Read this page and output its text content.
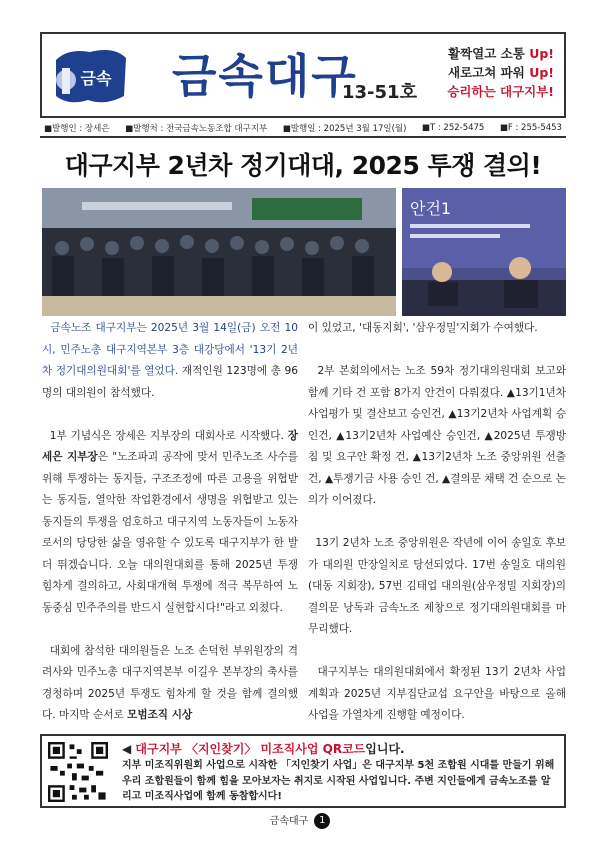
금속 금속대구
13-51호
활짝열고 소통 Up!
새로고쳐 파워 Up!
승리하는 대구지부!
■발행인 : 장세은 ■발행처 : 전국금속노동조합 대구지부 ■발행일 : 2025년 3월 17일(월) ■T : 252-5475 ■F : 255-5453
대구지부 2년차 정기대대, 2025 투쟁 결의!
안건1

금속노조 대구지부는 2025년 3월 14일(금) 오전 10시, 민주노총 대구지역본부 3층 대강당에서 '13기 2년차 정기대의원대회'를 열었다. 재적인원 123명에 총 96명의 대의원이 참석했다.

1부 기념식은 장세은 지부장의 대회사로 시작했다. 장세은 지부장은 "노조파괴 공작에 맞서 민주노조 사수를 위해 투쟁하는 동지들, 구조조정에 따른 고용을 위협받는 동지들, 열악한 작업환경에서 생명을 위협받고 있는 동지들의 투쟁을 엄호하고 대구지역 노동자들이 노동자로서의 당당한 삶을 영유할 수 있도록 대구지부가 한 발 더 뛰겠습니다. 오늘 대의원대회를 통해 2025년 투쟁 힘차게 결의하고, 사회대개혁 투쟁에 적극 복무하여 노동중심 민주주의를 반드시 실현합시다!"라고 외쳤다.

대회에 참석한 대의원들은 노조 손덕헌 부위원장의 격려사와 민주노총 대구지역본부 이길우 본부장의 축사를 경청하며 2025년 투쟁도 힘차게 할 것을 함께 결의했다. 마지막 순서로 모범조직 시상

이 있었고, '대동지회', '삼우정밀'지회가 수여했다.

2부 본회의에서는 노조 59차 정기대의원대회 보고와 함께 기타 건 포함 8가지 안건이 다뤄졌다. ▲13기1년차 사업평가 및 결산보고 승인건, ▲13기2년차 사업계획 승인건, ▲13기2년차 사업예산 승인건, ▲2025년 투쟁방침 및 요구안 확정 건, ▲13기2년차 노조 중앙위원 선출 건, ▲투쟁기금 사용 승인 건, ▲결의문 채택 건 순으로 논의가 이어졌다.

13기 2년차 노조 중앙위원은 작년에 이어 송일호 후보가 대의원 만장일치로 당선되었다. 17번 송일호 대의원(대동 지회장), 57번 김태업 대의원(삼우정밀 지회장)의 결의문 낭독과 금속노조 제창으로 정기대의원대회를 마무리했다.

대구지부는 대의원대회에서 확정된 13기 2년차 사업계획과 2025년 지부집단교섭 요구안을 바탕으로 올해 사업을 가열차게 진행할 예정이다.

◀ 대구지부 〈지인찾기〉 미조직사업 QR코드입니다.
지부 미조직위원회 사업으로 시작한 「지인찾기 사업」은 대구지부 5천 조합원 시대를 만들기 위해 우리 조합원들이 함께 힘을 모아보자는 취지로 시작된 사업입니다. 주변 지인들에게 금속노조를 알리고 미조직사업에 함께 동참합시다!
금속대구 1
